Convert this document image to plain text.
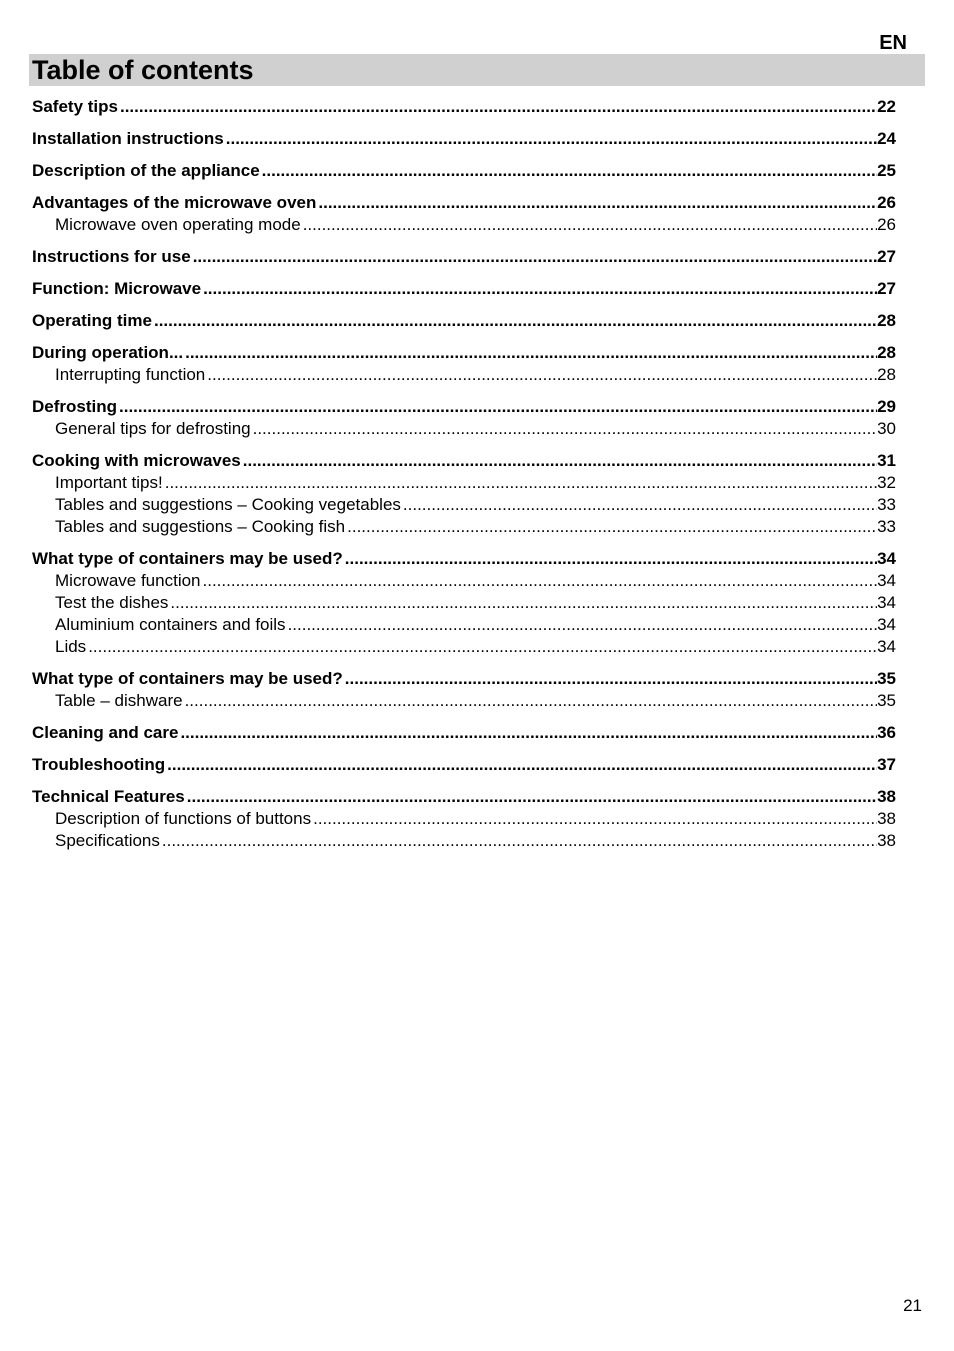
EN
Table of contents
Safety tips .....	22
Installation instructions .....	24
Description of the appliance .....	25
Advantages of the microwave oven .....	26
Microwave oven operating mode .....	26
Instructions for use .....	27
Function: Microwave .....	27
Operating time .....	28
During operation... .....	28
Interrupting function .....	28
Defrosting .....	29
General tips for defrosting .....	30
Cooking with microwaves .....	31
Important tips! .....	32
Tables and suggestions – Cooking vegetables .....	33
Tables and suggestions – Cooking fish .....	33
What type of containers may be used? .....	34
Microwave function .....	34
Test the dishes .....	34
Aluminium containers and foils .....	34
Lids .....	34
What type of containers may be used? .....	35
Table – dishware .....	35
Cleaning and care .....	36
Troubleshooting .....	37
Technical Features .....	38
Description of functions of buttons .....	38
Specifications .....	38
21
